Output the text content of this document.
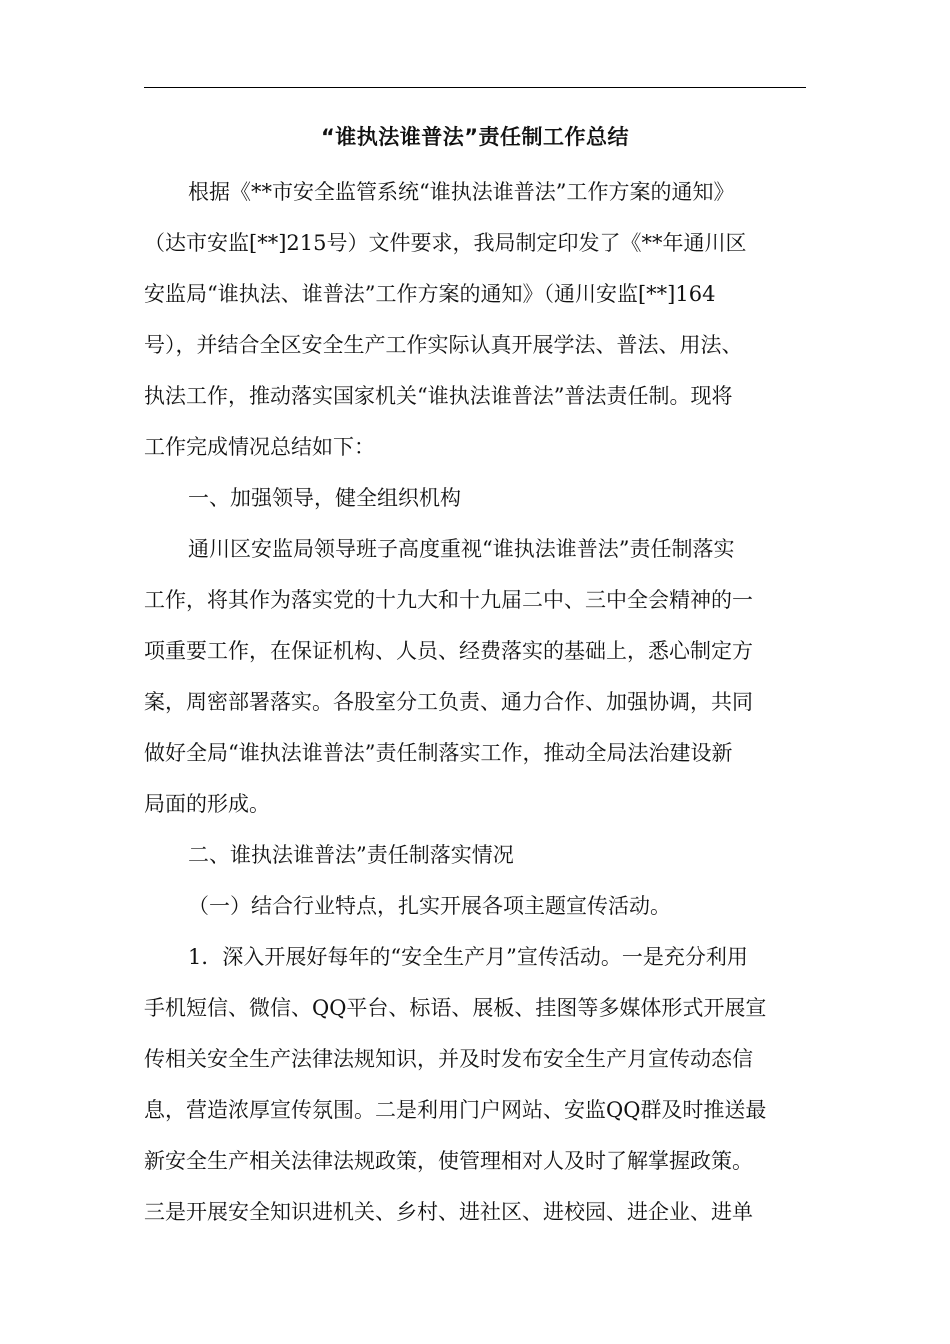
“谁执法谁普法”责任制工作总结

根据《**市安全监管系统“谁执法谁普法”工作方案的通知》
（达市安监[**]215号）文件要求，我局制定印发了《**年通川区
安监局“谁执法、谁普法”工作方案的通知》（通川安监[**]164
号），并结合全区安全生产工作实际认真开展学法、普法、用法、
执法工作，推动落实国家机关“谁执法谁普法”普法责任制。现将
工作完成情况总结如下：

一、加强领导，健全组织机构

通川区安监局领导班子高度重视“谁执法谁普法”责任制落实
工作，将其作为落实党的十九大和十九届二中、三中全会精神的一
项重要工作，在保证机构、人员、经费落实的基础上，悉心制定方
案，周密部署落实。各股室分工负责、通力合作、加强协调，共同
做好全局“谁执法谁普法”责任制落实工作，推动全局法治建设新
局面的形成。

二、谁执法谁普法”责任制落实情况

（一）结合行业特点，扎实开展各项主题宣传活动。

1．深入开展好每年的“安全生产月”宣传活动。一是充分利用
手机短信、微信、QQ平台、标语、展板、挂图等多媒体形式开展宣
传相关安全生产法律法规知识，并及时发布安全生产月宣传动态信
息，营造浓厚宣传氛围。二是利用门户网站、安监QQ群及时推送最
新安全生产相关法律法规政策，使管理相对人及时了解掌握政策。
三是开展安全知识进机关、乡村、进社区、进校园、进企业、进单
